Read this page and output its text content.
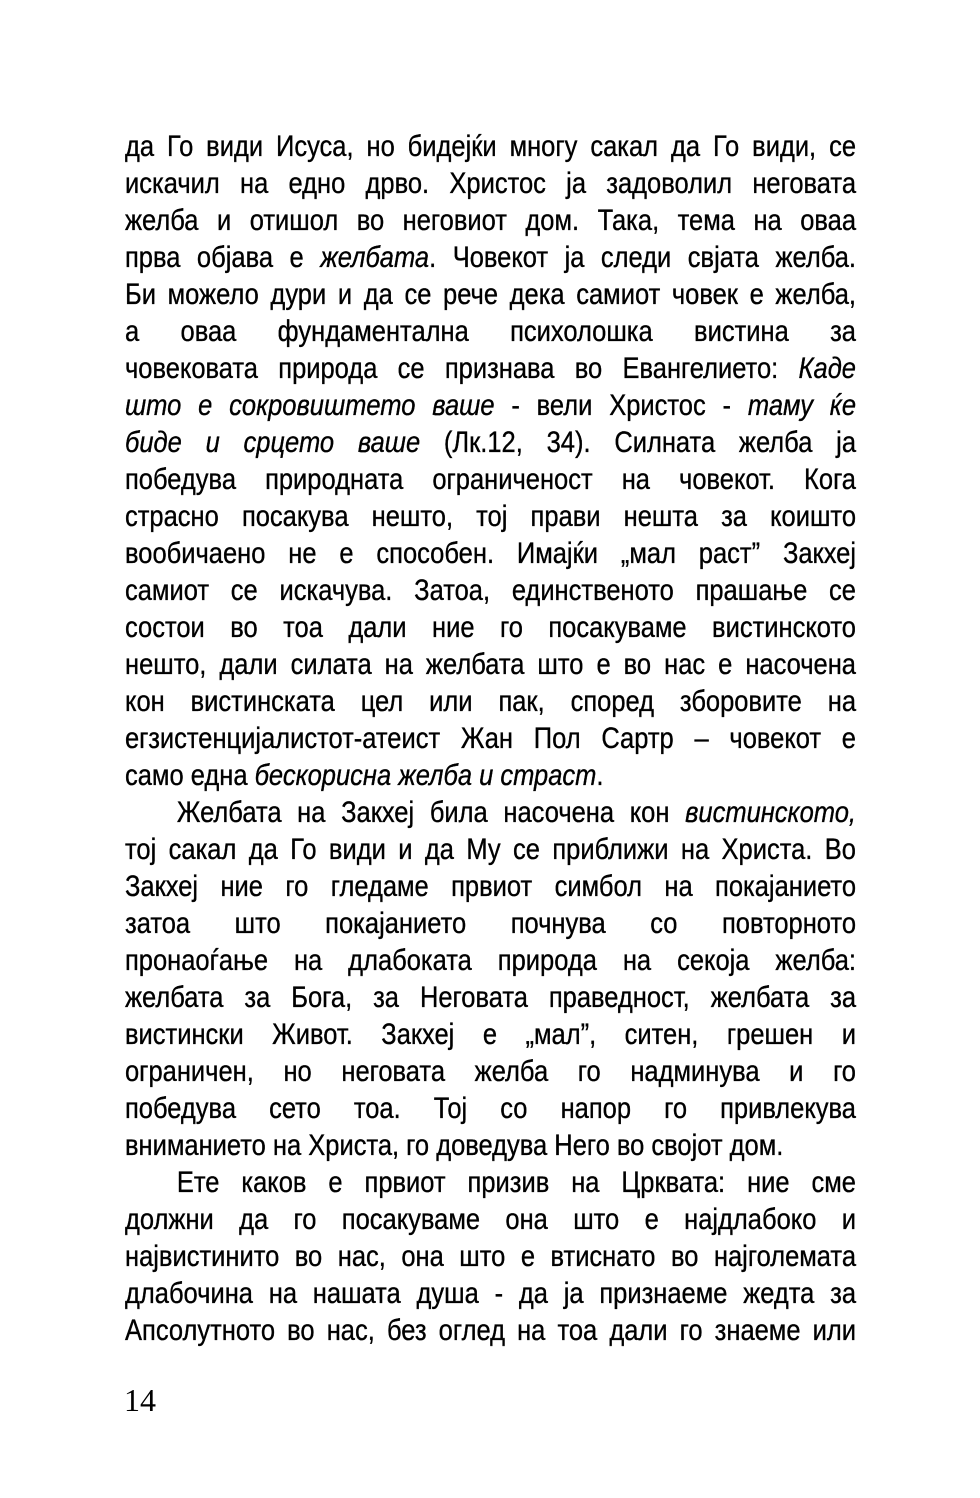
да Го види Исуса, но бидејќи многу сакал да Го види, се
искачил на едно дрво. Христос ја задоволил неговата
желба и отишол во неговиот дом. Така, тема на оваа
прва објава е желбата. Човекот ја следи свјата желба.
Би можело дури и да се рече дека самиот човек е желба,
а оваа фундаментална психолошка вистина за
човековата природа се признава во Евангелието: Каде
што е сокровиштето ваше - вели Христос - таму ќе
биде и срцето ваше (Лк.12, 34). Силната желба ја
победува природната ограниченост на човекот. Кога
страсно посакува нешто, тој прави нешта за коишто
вообичаено не е способен. Имајќи „мал раст” Закхеј
самиот се искачува. Затоа, единственото прашање се
состои во тоа дали ние го посакуваме вистинското
нешто, дали силата на желбата што е во нас е насочена
кон вистинската цел или пак, според зборовите на
егзистенцијалистот-атеист Жан Пол Сартр – човекот е
само една бескорисна желба и страст.
Желбата на Закхеј била насочена кон вистинското,
тој сакал да Го види и да Му се приближи на Христа. Во
Закхеј ние го гледаме првиот симбол на покајанието
затоа што покајанието почнува со повторното
пронаоѓање на длабоката природа на секоја желба:
желбата за Бога, за Неговата праведност, желбата за
вистински Живот. Закхеј е „мал”, ситен, грешен и
ограничен, но неговата желба го надминува и го
победува сето тоа. Тој со напор го привлекува
вниманието на Христа, го доведува Него во својот дом.
Ете каков е првиот призив на Црквата: ние сме
должни да го посакуваме она што е најдлабоко и
највистинито во нас, она што е втиснато во најголемата
длабочина на нашата душа - да ја признаеме жедта за
Апсолутното во нас, без оглед на тоа дали го знаеме или
14
